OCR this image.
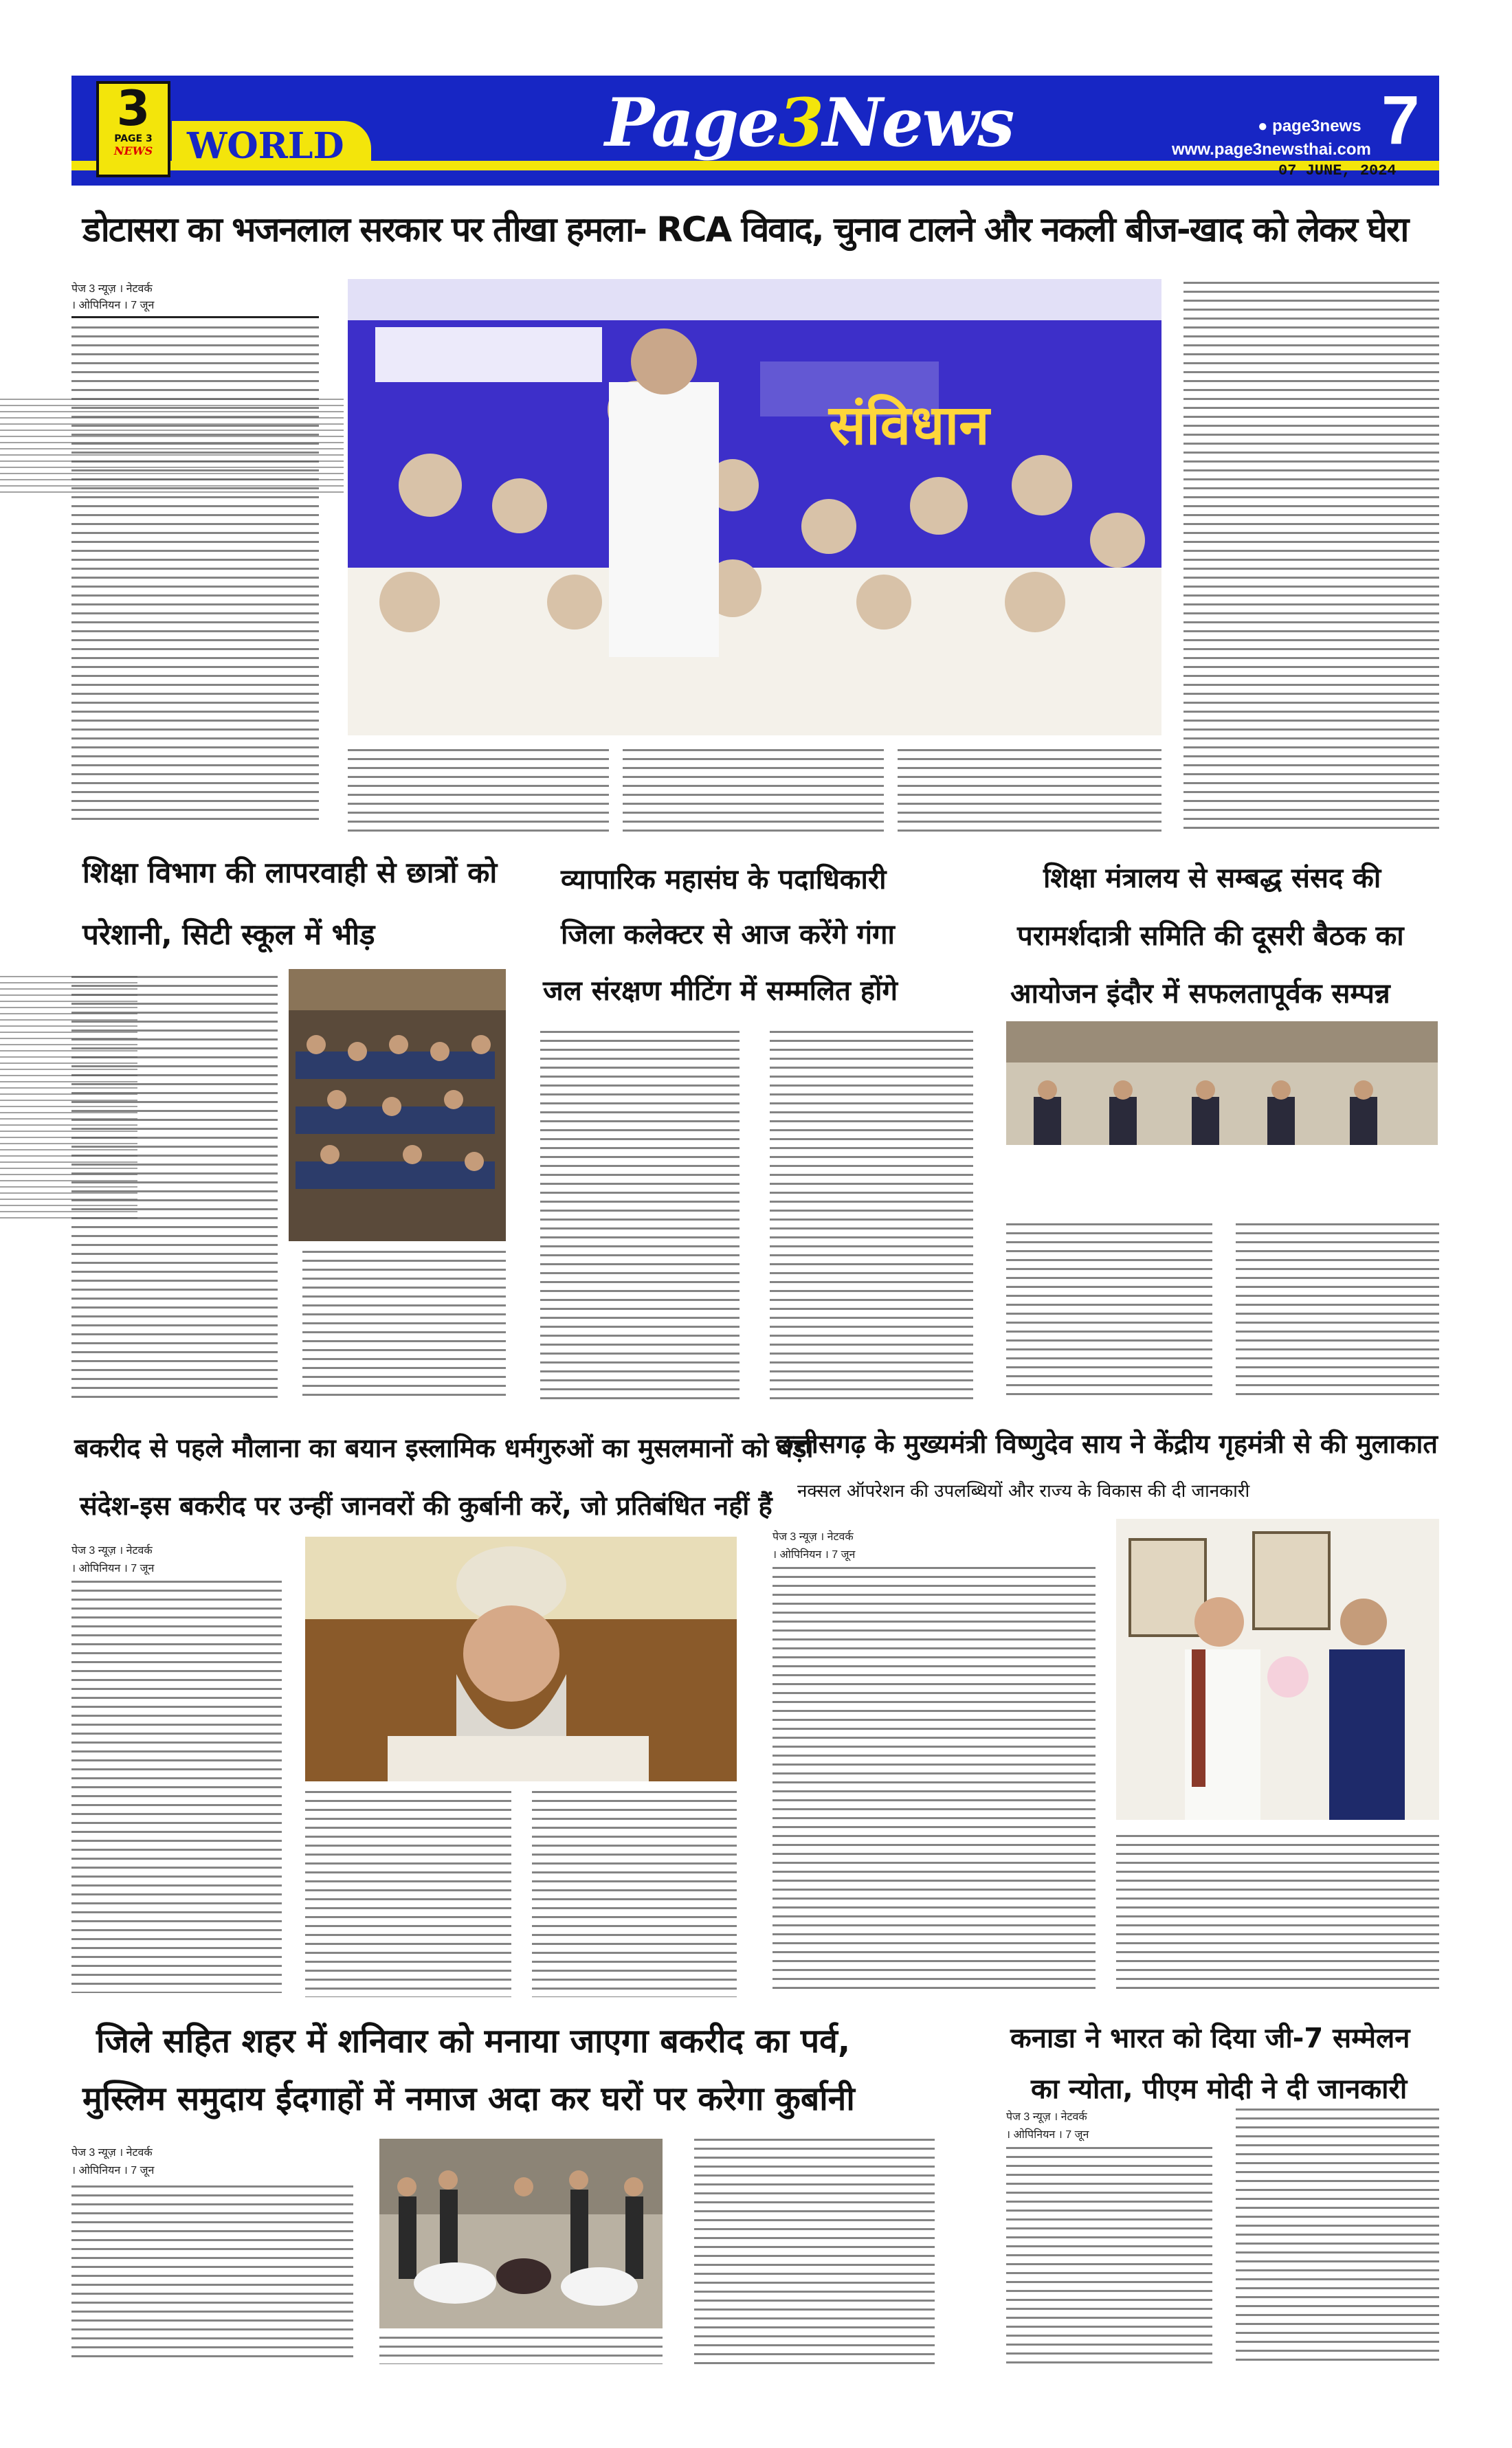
WORLD
3
PAGE 3
NEWS	Page3News	● page3news
www.page3newsthai.com 7
07 JUNE, 2024
डोटासरा का भजनलाल सरकार पर तीखा हमला- RCA विवाद, चुनाव टालने और नकली बीज-खाद को लेकर घेरा
पेज 3 न्यूज़ । नेटवर्क
। ओपिनियन । 7 जून
संविधान
शिक्षा विभाग की लापरवाही से छात्रों को
परेशानी, सिटी स्कूल में भीड़
व्यापारिक महासंघ के पदाधिकारी
जिला कलेक्टर से आज करेंगे गंगा
जल संरक्षण मीटिंग में सम्मलित होंगे
शिक्षा मंत्रालय से सम्बद्ध संसद की
परामर्शदात्री समिति की दूसरी बैठक का
आयोजन इंदौर में सफलतापूर्वक सम्पन्न
बकरीद से पहले मौलाना का बयान इस्लामिक धर्मगुरुओं का मुसलमानों को बड़ा
संदेश-इस बकरीद पर उन्हीं जानवरों की कुर्बानी करें, जो प्रतिबंधित नहीं हैं
पेज 3 न्यूज़ । नेटवर्क
। ओपिनियन । 7 जून
छत्तीसगढ़ के मुख्यमंत्री विष्णुदेव साय ने केंद्रीय गृहमंत्री से की मुलाकात
नक्सल ऑपरेशन की उपलब्धियों और राज्य के विकास की दी जानकारी
पेज 3 न्यूज़ । नेटवर्क
। ओपिनियन । 7 जून
जिले सहित शहर में शनिवार को मनाया जाएगा बकरीद का पर्व,
मुस्लिम समुदाय ईदगाहों में नमाज अदा कर घरों पर करेगा कुर्बानी
पेज 3 न्यूज़ । नेटवर्क
। ओपिनियन । 7 जून
कनाडा ने भारत को दिया जी-7 सम्मेलन
का न्योता, पीएम मोदी ने दी जानकारी
पेज 3 न्यूज़ । नेटवर्क
। ओपिनियन । 7 जून
